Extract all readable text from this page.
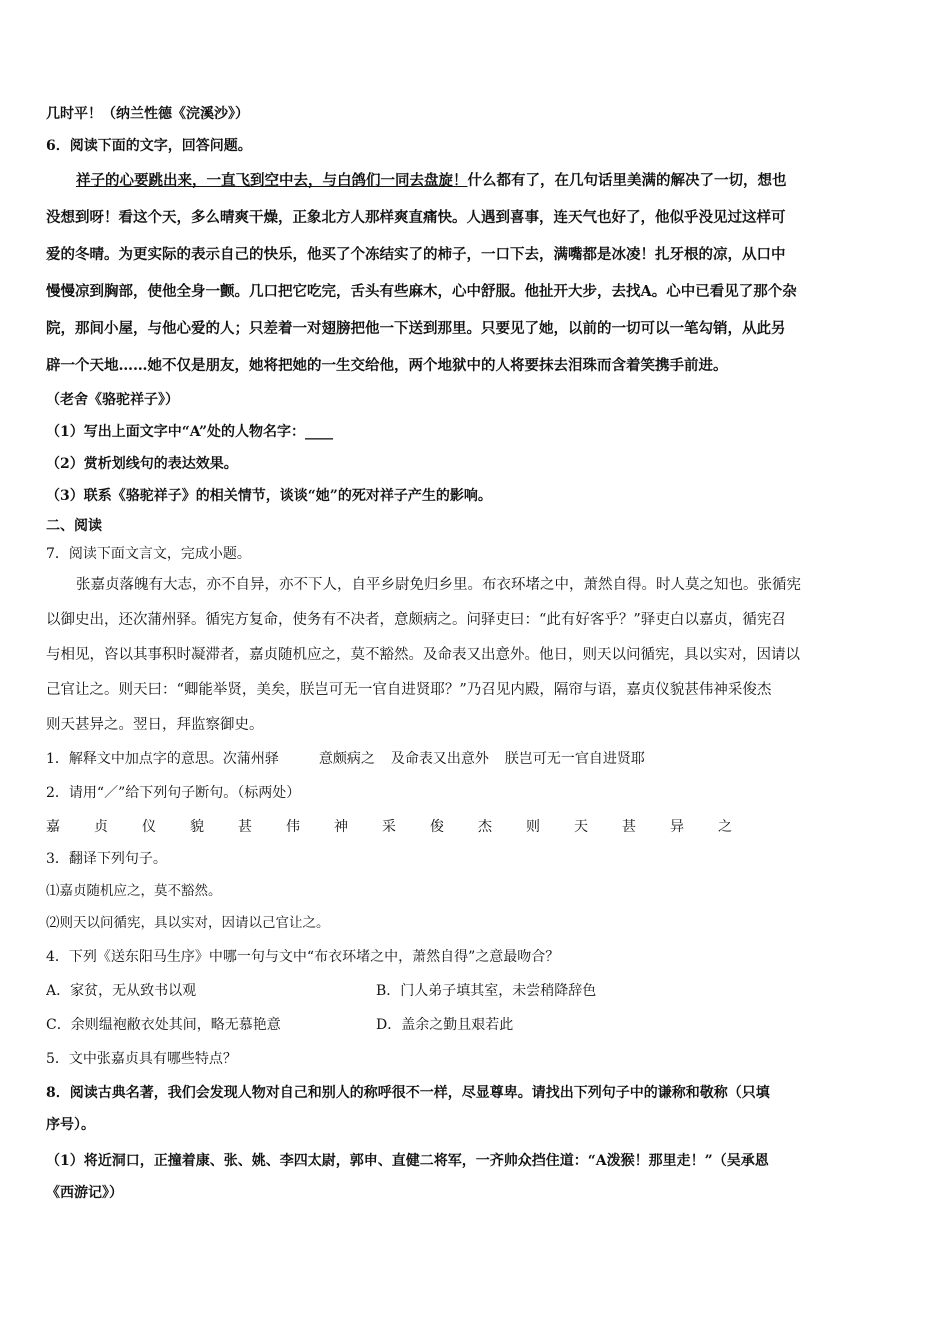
几时平！（纳兰性德《浣溪沙》）
6．阅读下面的文字，回答问题。
祥子的心要跳出来，一直飞到空中去，与白鸽们一同去盘旋！什么都有了，在几句话里美满的解决了一切，想也
没想到呀！看这个天，多么晴爽干燥，正象北方人那样爽直痛快。人遇到喜事，连天气也好了，他似乎没见过这样可
爱的冬晴。为更实际的表示自己的快乐，他买了个冻结实了的柿子，一口下去，满嘴都是冰凌！扎牙根的凉，从口中
慢慢凉到胸部，使他全身一颤。几口把它吃完，舌头有些麻木，心中舒服。他扯开大步，去找A。心中已看见了那个杂
院，那间小屋，与他心爱的人；只差着一对翅膀把他一下送到那里。只要见了她，以前的一切可以一笔勾销，从此另
辟一个天地……她不仅是朋友，她将把她的一生交给他，两个地狱中的人将要抹去泪珠而含着笑携手前进。
（老舍《骆驼祥子》）
（1）写出上面文字中“A”处的人物名字：____
（2）赏析划线句的表达效果。
（3）联系《骆驼祥子》的相关情节，谈谈“她”的死对祥子产生的影响。
二、阅读
7．阅读下面文言文，完成小题。
张嘉贞落魄有大志，亦不自异，亦不下人，自平乡尉免归乡里。布衣环堵之中，萧然自得。时人莫之知也。张循宪
以御史出，还次蒲州驿。循宪方复命，使务有不决者，意颇病之。问驿吏曰：“此有好客乎？”驿吏白以嘉贞，循宪召
与相见，咨以其事积时凝滞者，嘉贞随机应之，莫不豁然。及命表又出意外。他日，则天以问循宪，具以实对，因请以
己官让之。则天曰：“卿能举贤，美矣，朕岂可无一官自进贤耶？”乃召见内殿，隔帘与语，嘉贞仪貌甚伟神采俊杰
则天甚异之。翌日，拜监察御史。
1．解释文中加点字的意思。次蒲州驿	意颇病之 及命表又出意外 朕岂可无一官自进贤耶
2．请用“／”给下列句子断句。（标两处）
嘉 贞 仪 貌 甚 伟 神 采 俊 杰 则 天 甚 异 之
3．翻译下列句子。
⑴嘉贞随机应之，莫不豁然。
⑵则天以问循宪，具以实对，因请以己官让之。
4．下列《送东阳马生序》中哪一句与文中“布衣环堵之中，萧然自得”之意最吻合？
A．家贫，无从致书以观	B．门人弟子填其室，未尝稍降辞色
C．余则缊袍敝衣处其间，略无慕艳意	D．盖余之勤且艰若此
5．文中张嘉贞具有哪些特点？
8．阅读古典名著，我们会发现人物对自己和别人的称呼很不一样，尽显尊卑。请找出下列句子中的谦称和敬称（只填
序号）。
（1）将近洞口，正撞着康、张、姚、李四太尉，郭申、直健二将军，一齐帅众挡住道：“A泼猴！那里走！”（吴承恩
《西游记》）
